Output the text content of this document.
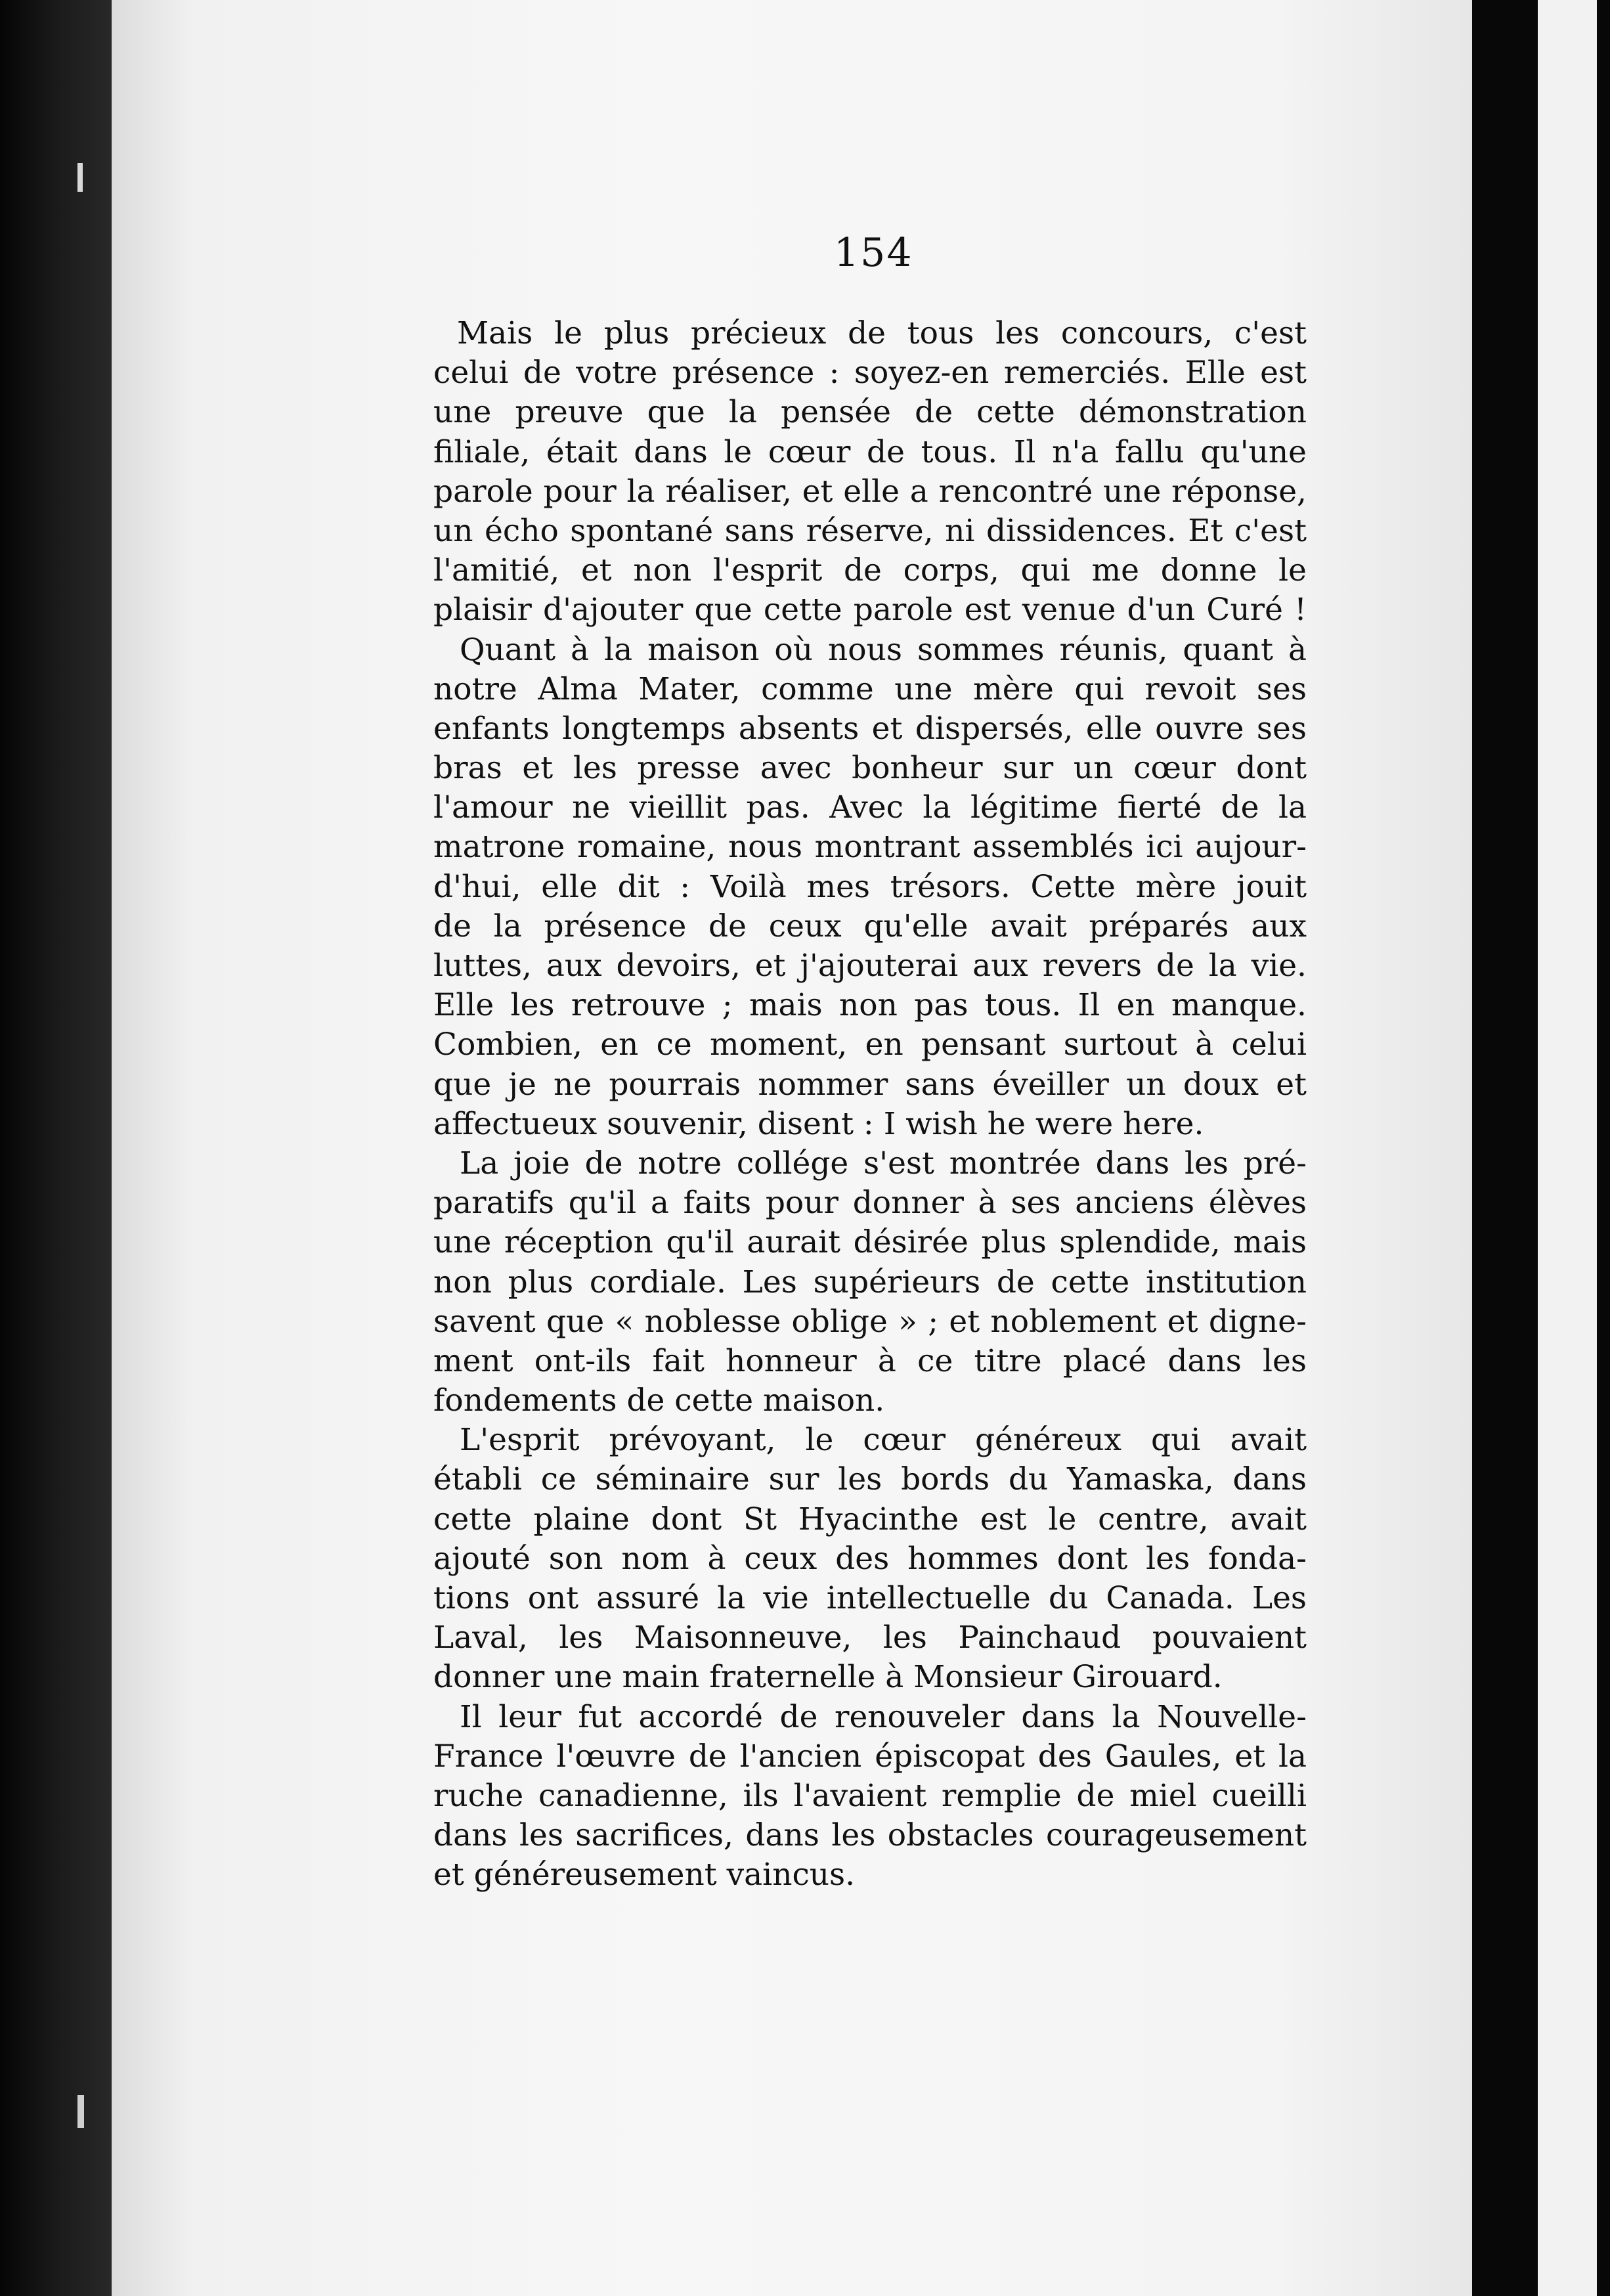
154
Mais le plus précieux de tous les concours, c'est
celui de votre présence : soyez-en remerciés. Elle est
une preuve que la pensée de cette démonstration
filiale, était dans le cœur de tous. Il n'a fallu qu'une
parole pour la réaliser, et elle a rencontré une réponse,
un écho spontané sans réserve, ni dissidences. Et c'est
l'amitié, et non l'esprit de corps, qui me donne le
plaisir d'ajouter que cette parole est venue d'un Curé !
Quant à la maison où nous sommes réunis, quant à
notre Alma Mater, comme une mère qui revoit ses
enfants longtemps absents et dispersés, elle ouvre ses
bras et les presse avec bonheur sur un cœur dont
l'amour ne vieillit pas. Avec la légitime fierté de la
matrone romaine, nous montrant assemblés ici aujour-
d'hui, elle dit : Voilà mes trésors. Cette mère jouit
de la présence de ceux qu'elle avait préparés aux
luttes, aux devoirs, et j'ajouterai aux revers de la vie.
Elle les retrouve ; mais non pas tous. Il en manque.
Combien, en ce moment, en pensant surtout à celui
que je ne pourrais nommer sans éveiller un doux et
affectueux souvenir, disent : I wish he were here.
La joie de notre collége s'est montrée dans les pré-
paratifs qu'il a faits pour donner à ses anciens élèves
une réception qu'il aurait désirée plus splendide, mais
non plus cordiale. Les supérieurs de cette institution
savent que « noblesse oblige » ; et noblement et digne-
ment ont-ils fait honneur à ce titre placé dans les
fondements de cette maison.
L'esprit prévoyant, le cœur généreux qui avait
établi ce séminaire sur les bords du Yamaska, dans
cette plaine dont St Hyacinthe est le centre, avait
ajouté son nom à ceux des hommes dont les fonda-
tions ont assuré la vie intellectuelle du Canada. Les
Laval, les Maisonneuve, les Painchaud pouvaient
donner une main fraternelle à Monsieur Girouard.
Il leur fut accordé de renouveler dans la Nouvelle-
France l'œuvre de l'ancien épiscopat des Gaules, et la
ruche canadienne, ils l'avaient remplie de miel cueilli
dans les sacrifices, dans les obstacles courageusement
et généreusement vaincus.
